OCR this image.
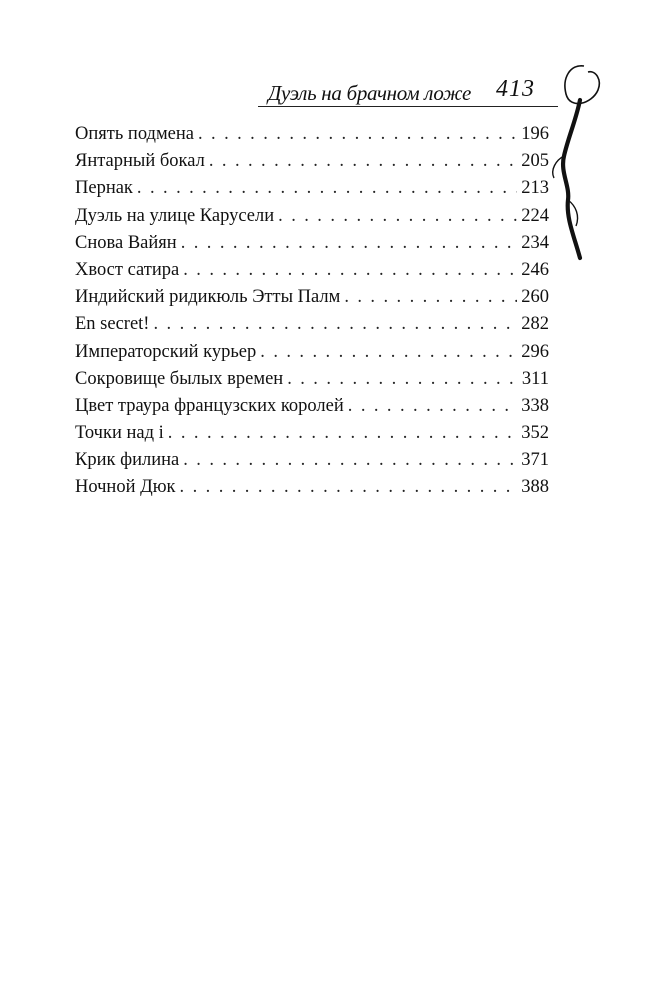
Дуэль на брачном ложе 413
Опять подмена . . .	196
Янтарный бокал . . .	205
Пернак . . .	213
Дуэль на улице Карусели . . .	224
Снова Вайян . . .	234
Хвост сатира . . .	246
Индийский ридикюль Этты Палм . . .	260
En secret! . . .	282
Императорский курьер . . .	296
Сокровище былых времен . . .	311
Цвет траура французских королей . . .	338
Точки над i . . .	352
Крик филина . . .	371
Ночной Дюк . . .	388
